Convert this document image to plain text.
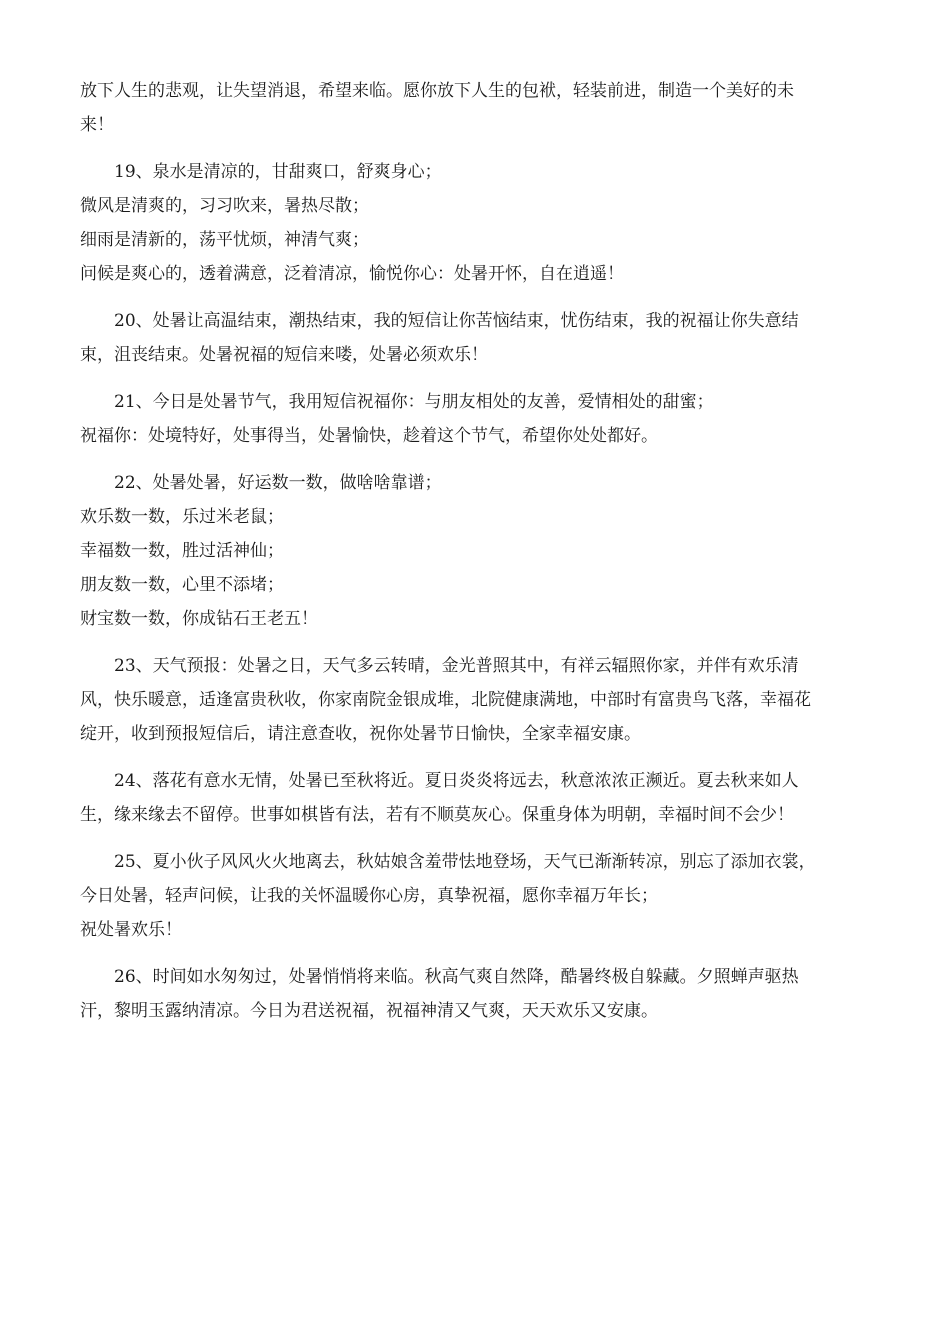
放下人生的悲观，让失望消退，希望来临。愿你放下人生的包袱，轻装前进，制造一个美好的未
来！
19、泉水是清凉的，甘甜爽口，舒爽身心；
微风是清爽的，习习吹来，暑热尽散；
细雨是清新的，荡平忧烦，神清气爽；
问候是爽心的，透着满意，泛着清凉，愉悦你心：处暑开怀，自在逍遥！
20、处暑让高温结束，潮热结束，我的短信让你苦恼结束，忧伤结束，我的祝福让你失意结
束，沮丧结束。处暑祝福的短信来喽，处暑必须欢乐！
21、今日是处暑节气，我用短信祝福你：与朋友相处的友善，爱情相处的甜蜜；
祝福你：处境特好，处事得当，处暑愉快，趁着这个节气，希望你处处都好。
22、处暑处暑，好运数一数，做啥啥靠谱；
欢乐数一数，乐过米老鼠；
幸福数一数，胜过活神仙；
朋友数一数，心里不添堵；
财宝数一数，你成钻石王老五！
23、天气预报：处暑之日，天气多云转晴，金光普照其中，有祥云辐照你家，并伴有欢乐清
风，快乐暖意，适逢富贵秋收，你家南院金银成堆，北院健康满地，中部时有富贵鸟飞落，幸福花
绽开，收到预报短信后，请注意查收，祝你处暑节日愉快，全家幸福安康。
24、落花有意水无情，处暑已至秋将近。夏日炎炎将远去，秋意浓浓正濒近。夏去秋来如人
生，缘来缘去不留停。世事如棋皆有法，若有不顺莫灰心。保重身体为明朝，幸福时间不会少！
25、夏小伙子风风火火地离去，秋姑娘含羞带怯地登场，天气已渐渐转凉，别忘了添加衣裳，
今日处暑，轻声问候，让我的关怀温暖你心房，真挚祝福，愿你幸福万年长；
祝处暑欢乐！
26、时间如水匆匆过，处暑悄悄将来临。秋高气爽自然降，酷暑终极自躲藏。夕照蝉声驱热
汗，黎明玉露纳清凉。今日为君送祝福，祝福神清又气爽，天天欢乐又安康。
